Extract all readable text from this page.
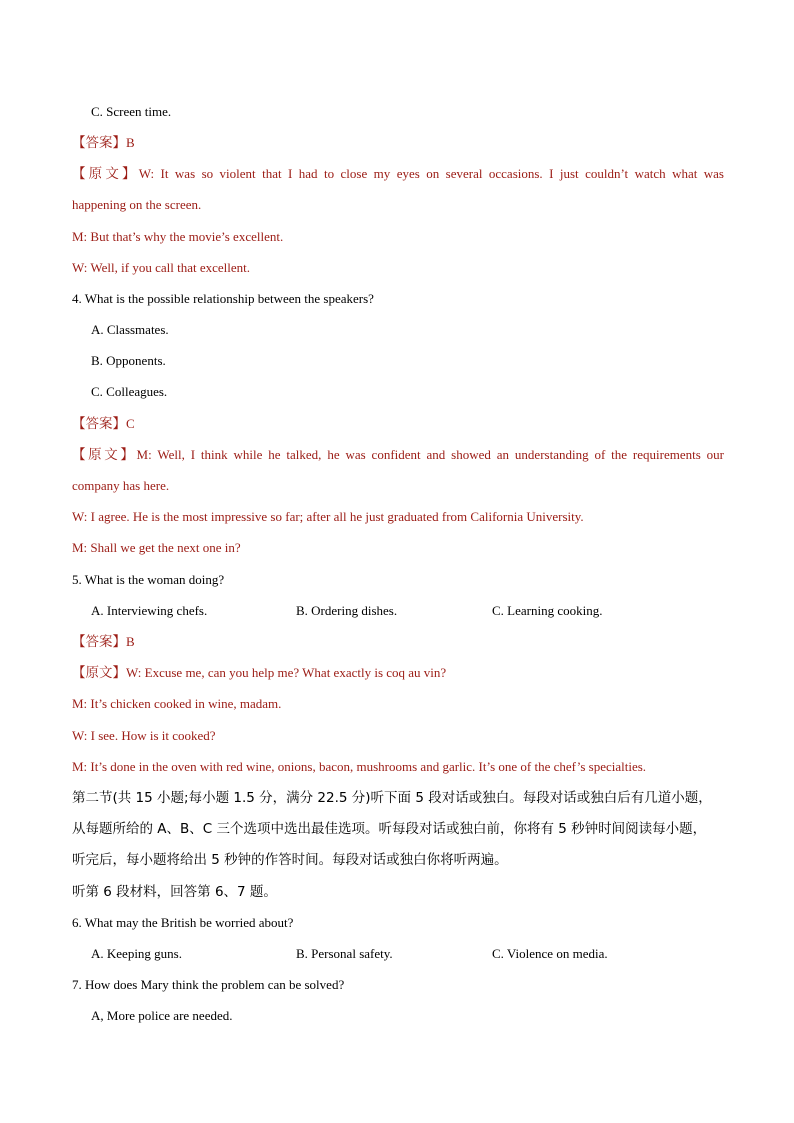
C. Screen time.
【答案】B
【原文】W: It was so violent that I had to close my eyes on several occasions. I just couldn’t watch what was
happening on the screen.
M: But that’s why the movie’s excellent.
W: Well, if you call that excellent.
4. What is the possible relationship between the speakers?
A. Classmates.
B. Opponents.
C. Colleagues.
【答案】C
【原文】M: Well, I think while he talked, he was confident and showed an understanding of the requirements our
company has here.
W: I agree. He is the most impressive so far; after all he just graduated from California University.
M: Shall we get the next one in?
5. What is the woman doing?
A. Interviewing chefs.	B. Ordering dishes.	C. Learning cooking.
【答案】B
【原文】W: Excuse me, can you help me? What exactly is coq au vin?
M: It’s chicken cooked in wine, madam.
W: I see. How is it cooked?
M: It’s done in the oven with red wine, onions, bacon, mushrooms and garlic. It’s one of the chef’s specialties.
第二节(共 15 小题;每小题 1.5 分，满分 22.5 分)听下面 5 段对话或独白。每段对话或独白后有几道小题，
从每题所给的 A、B、C 三个选项中选出最佳选项。听每段对话或独白前，你将有 5 秒钟时间阅读每小题，
听完后，每小题将给出 5 秒钟的作答时间。每段对话或独白你将听两遍。
听第 6 段材料，回答第 6、7 题。
6. What may the British be worried about?
A. Keeping guns.	B. Personal safety.	C. Violence on media.
7. How does Mary think the problem can be solved?
A, More police are needed.
